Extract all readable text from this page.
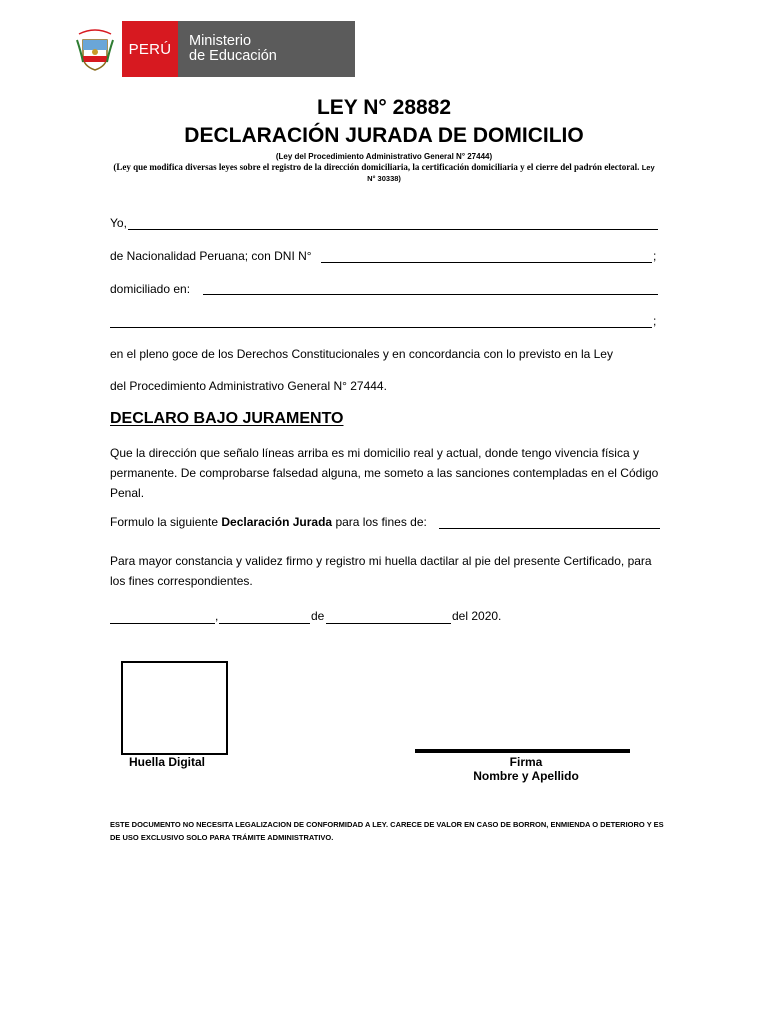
PERÚ	Ministerio
de Educación
LEY N° 28882
DECLARACIÓN JURADA DE DOMICILIO
(Ley del Procedimiento Administrativo General N° 27444)
(Ley que modifica diversas leyes sobre el registro de la dirección domiciliaria, la certificación domiciliaria y el cierre del padrón electoral. Ley N° 30338)
Yo,
de Nacionalidad Peruana; con DNI N°	;
domiciliado en:
;
en el pleno goce de los Derechos Constitucionales y en concordancia con lo previsto en la Ley
del Procedimiento Administrativo General N° 27444.
DECLARO BAJO JURAMENTO
Que la dirección que señalo líneas arriba es mi domicilio real y actual, donde tengo vivencia física y permanente. De comprobarse falsedad alguna, me someto a las sanciones contempladas en el Código Penal.
Formulo la siguiente Declaración Jurada para los fines de:
Para mayor constancia y validez firmo y registro mi huella dactilar al pie del presente Certificado, para los fines correspondientes.
,	de	del 2020.
Huella Digital	Firma
Nombre y Apellido
ESTE DOCUMENTO NO NECESITA LEGALIZACION DE CONFORMIDAD A LEY. CARECE DE VALOR EN CASO DE BORRON, ENMIENDA O DETERIORO Y ES DE USO EXCLUSIVO SOLO PARA TRÁMITE ADMINISTRATIVO.
